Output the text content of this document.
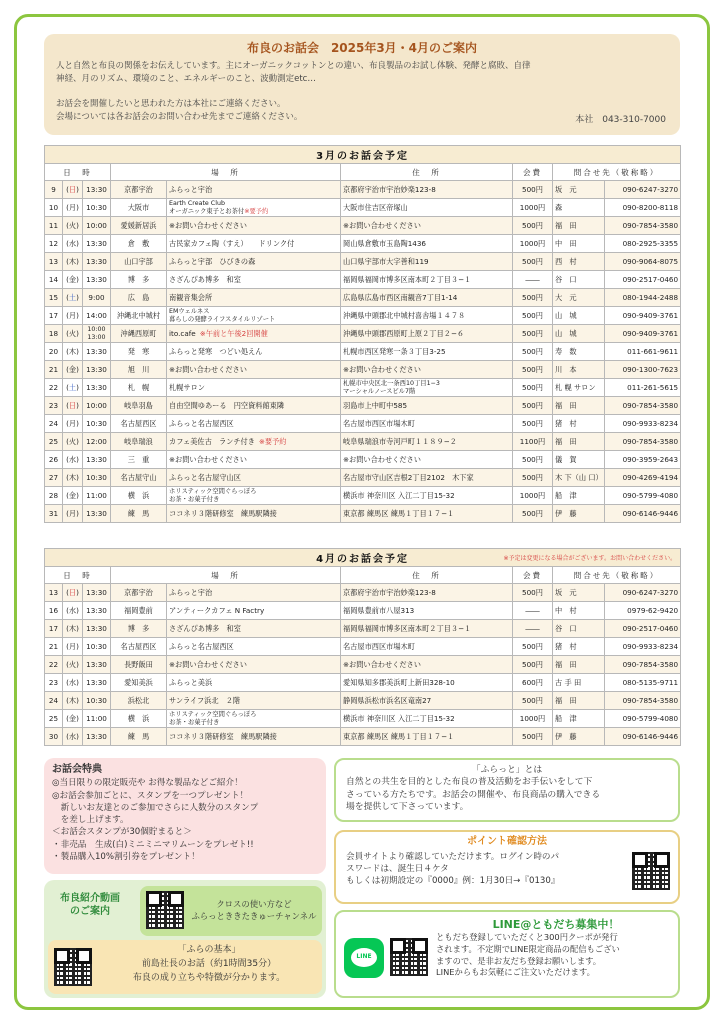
布良のお話会　2025年3月・4月のご案内
人と自然と布良の関係をお伝えしています。主にオーガニックコットンとの違い、布良製品のお試し体験、発酵と腐敗、自律
神経、月のリズム、環境のこと、エネルギーのこと、波動測定etc…
お話会を開催したいと思われた方は本社にご連絡ください。
会場については各お話会のお問い合わせ先までご連絡ください。	本社　043-310-7000
3月のお話会予定								
日　時			場　所		住　所	会費	問合せ先（敬称略）	
9	(日)	13:30	京都宇治	ふらっと宇治	京都府宇治市宇治妙楽123-8	500円	坂　元	090-6247-3270
10	(月)	10:30	大阪市	Earth Create Club
オーガニック東子とお茶付※要予約	大阪市住吉区帝塚山	1000円	森	090-8200-8118
11	(火)	10:00	愛媛新居浜	※お問い合わせください	※お問い合わせください	500円	福　田	090-7854-3580
12	(水)	13:30	倉　敷	古民家カフェ陶（すえ）　　ドリンク付	岡山県倉敷市玉島陶1436	1000円	中　田	080-2925-3355
13	(木)	13:30	山口宇部	ふらっと宇部　ひびきの森	山口県宇部市大字善和119	500円	西　村	090-9064-8075
14	(金)	13:30	博　多	さざんぴあ博多　和室	福岡県福岡市博多区南本町２丁目３−１	――	谷　口	090-2517-0460
15	(土)	9:00	広　島	南観音集会所	広島県広島市西区南観音7丁目1-14	500円	大　元	080-1944-2488
17	(月)	14:00	沖縄北中城村	EMウェルネス
暮らしの発酵ライフスタイルリゾート	沖縄県中頭郡北中城村喜舎場１４７８	500円	山　城	090-9409-3761
18	(火)	10:00
13:00	沖縄西原町	ito.cafe ※午前と午後2回開催	沖縄県中頭郡西原町上原２丁目２−６	500円	山　城	090-9409-3761
20	(木)	13:30	発　寒	ふらっと発寒　つどい処えん	札幌市西区発寒一条３丁目3-25	500円	寿　数	011-661-9611
21	(金)	13:30	旭　川	※お問い合わせください	※お問い合わせください	500円	川　本	090-1300-7623
22	(土)	13:30	札　幌	札幌サロン	札幌市中央区北一条西10丁目1−3
マーシャルノースビル7階	500円	札 幌 サロン	011-261-5615
23	(日)	10:00	岐阜羽島	自由空間ゆあーる　円空資料館東隣	羽島市上中町中585	500円	福　田	090-7854-3580
24	(月)	10:30	名古屋西区	ふらっと名古屋西区	名古屋市西区市場木町	500円	猪　村	090-9933-8234
25	(火)	12:00	岐阜瑞浪	カフェ美佐古　ランチ付き ※要予約	岐阜県瑞浪市寺河戸町１１８９−２	1100円	福　田	090-7854-3580
26	(水)	13:30	三　重	※お問い合わせください	※お問い合わせください	500円	儀　賀	090-3959-2643
27	(木)	10:30	名古屋守山	ふらっと名古屋守山区	名古屋市守山区吉根2丁目2102　木下家	500円	木 下（山 口）	090-4269-4194
28	(金)	11:00	横　浜	ホリスティック空間ぐらっぽろ
お茶・お菓子付き	横浜市 神奈川区 入江二丁目15-32	1000円	船　津	090-5799-4080
31	(月)	13:30	練　馬	ココネリ３階研修室　練馬駅隣接	東京都 練馬区 練馬１丁目１７−１	500円	伊　藤	090-6146-9446
4月のお話会予定 ※予定は変更になる場合がございます。お問い合わせください。								

日　時			場　所		住　所	会費	問合せ先（敬称略）	
13	(日)	13:30	京都宇治	ふらっと宇治	京都府宇治市宇治妙楽123-8	500円	坂　元	090-6247-3270
16	(水)	13:30	福岡豊前	アンティークカフェ N Factry	福岡県豊前市八屋313	――	中　村	0979-62-9420
17	(木)	13:30	博　多	さざんぴあ博多　和室	福岡県福岡市博多区南本町２丁目３−１	――	谷　口	090-2517-0460
21	(月)	10:30	名古屋西区	ふらっと名古屋西区	名古屋市西区市場木町	500円	猪　村	090-9933-8234
22	(火)	13:30	長野飯田	※お問い合わせください	※お問い合わせください	500円	福　田	090-7854-3580
23	(水)	13:30	愛知美浜	ふらっと美浜	愛知県知多郡美浜町上新田328-10	600円	古 手 田	080-5135-9711
24	(木)	10:30	浜松北	サンライフ浜北　２階	静岡県浜松市浜名区竜南27	500円	福　田	090-7854-3580
25	(金)	11:00	横　浜	ホリスティック空間ぐらっぽろ
お茶・お菓子付き	横浜市 神奈川区 入江二丁目15-32	1000円	船　津	090-5799-4080
30	(水)	13:30	練　馬	ココネリ３階研修室　練馬駅隣接	東京都 練馬区 練馬１丁目１７−１	500円	伊　藤	090-6146-9446
お話会特典
◎当日限りの限定販売や お得な製品などご紹介！
◎お話会参加ごとに、スタンプを一つプレゼント！
　新しいお友達とのご参加でさらに人数分のスタンプ
　を差し上げます。
＜お話会スタンプが30個貯まると＞
・非売品　生成(白)ミニミニマリムーンをプレゼト!!
・製品購入10%割引券をプレゼント！
「ふらっと」とは
自然との共生を目的とした布良の普及活動をお手伝いをして下
さっている方たちです。お話会の開催や、布良商品の購入できる
場を提供して下さっています。
ポイント確認方法
会員サイトより確認していただけます。ログイン時のパ
スワードは、誕生日４ケタ
もしくは初期設定の『0000』例：1月30日→『0130』
布良紹介動画
のご案内
クロスの使い方など
ふらっとききたきゅーチャンネル
「ふらの基本」
前島社長のお話（約1時間35分）
布良の成り立ちや特徴が分かります。
LINE
LINE@ともだち募集中！
ともだち登録していただくと300円クーポが発行
されます。不定期でLINE限定商品の配信もござい
ますので、是非お友だち登録お願いします。
LINEからもお気軽にご注文いただけます。
